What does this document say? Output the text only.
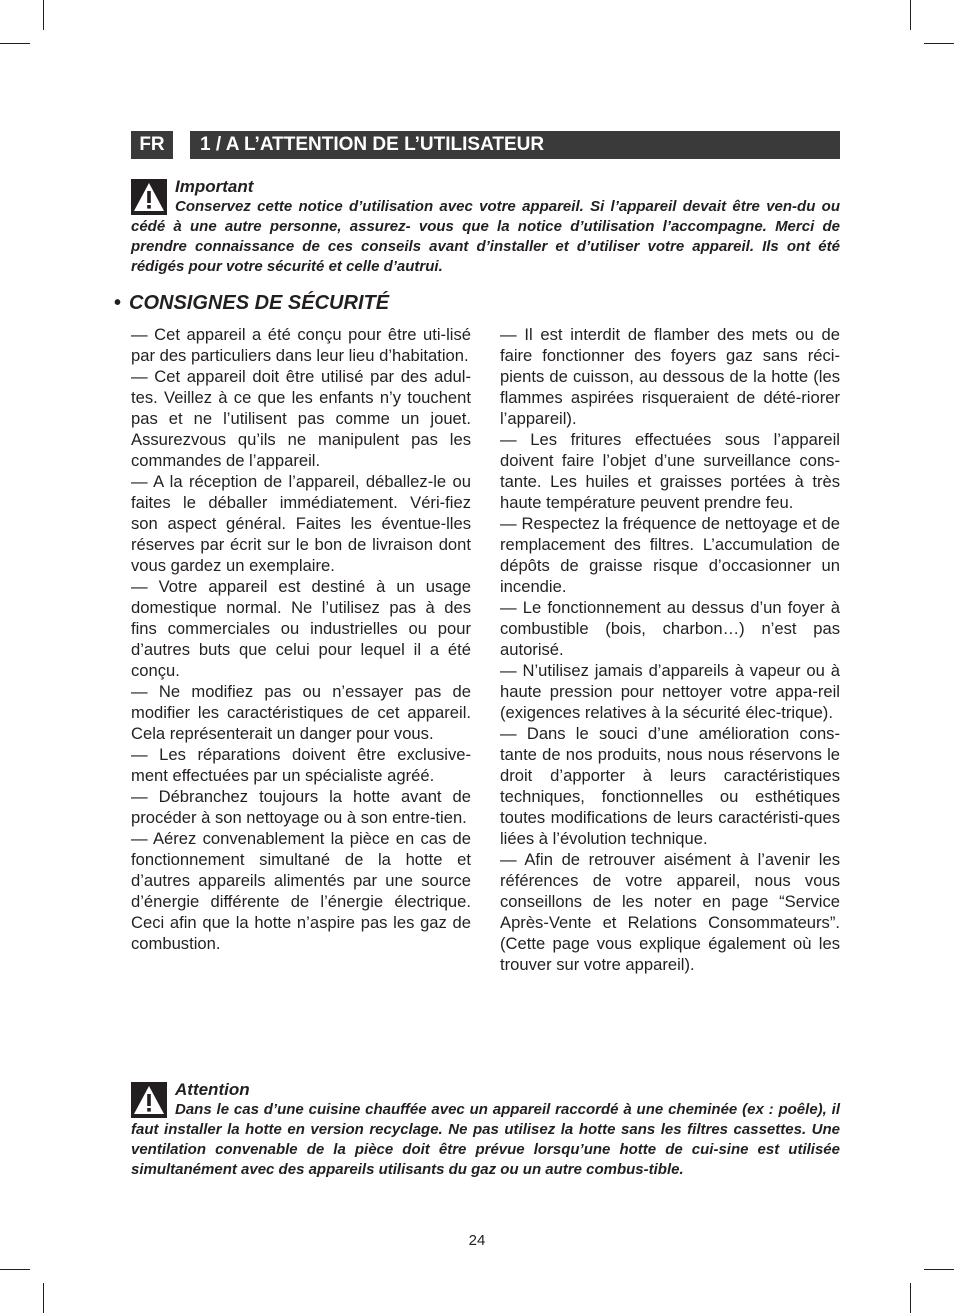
FR	1 / A L’ATTENTION DE L’UTILISATEUR
Important
Conservez cette notice d’utilisation avec votre appareil. Si l’appareil devait être ven-du ou cédé à une autre personne, assurez- vous que la notice d’utilisation l’accompagne. Merci de prendre connaissance de ces conseils avant d’installer et d’utiliser votre appareil. Ils ont été rédigés pour votre sécurité et celle d’autrui.
• CONSIGNES DE SÉCURITÉ

— Cet appareil a été conçu pour être uti-lisé par des particuliers dans leur lieu d’habitation.

— Cet appareil doit être utilisé par des adul-tes. Veillez à ce que les enfants n’y touchent pas et ne l’utilisent pas comme un jouet. Assurezvous qu’ils ne manipulent pas les commandes de l’appareil.

— A la réception de l’appareil, déballez-le ou faites le déballer immédiatement. Véri-fiez son aspect général. Faites les éventue-lles réserves par écrit sur le bon de livraison dont vous gardez un exemplaire.

— Votre appareil est destiné à un usage domestique normal. Ne l’utilisez pas à des fins commerciales ou industrielles ou pour d’autres buts que celui pour lequel il a été conçu.

— Ne modifiez pas ou n’essayer pas de modifier les caractéristiques de cet appareil. Cela représenterait un danger pour vous.

— Les réparations doivent être exclusive-ment effectuées par un spécialiste agréé.

— Débranchez toujours la hotte avant de procéder à son nettoyage ou à son entre-tien.

— Aérez convenablement la pièce en cas de fonctionnement simultané de la hotte et d’autres appareils alimentés par une source d’énergie différente de l’énergie électrique. Ceci afin que la hotte n’aspire pas les gaz de combustion.

— Il est interdit de flamber des mets ou de faire fonctionner des foyers gaz sans réci-pients de cuisson, au dessous de la hotte (les flammes aspirées risqueraient de dété-riorer l’appareil).

— Les fritures effectuées sous l’appareil doivent faire l’objet d’une surveillance cons-tante. Les huiles et graisses portées à très haute température peuvent prendre feu.

— Respectez la fréquence de nettoyage et de remplacement des filtres. L’accumulation de dépôts de graisse risque d’occasionner un incendie.

— Le fonctionnement au dessus d’un foyer à combustible (bois, charbon…) n’est pas autorisé.

— N’utilisez jamais d’appareils à vapeur ou à haute pression pour nettoyer votre appa-reil (exigences relatives à la sécurité élec-trique).

— Dans le souci d’une amélioration cons-tante de nos produits, nous nous réservons le droit d’apporter à leurs caractéristiques techniques, fonctionnelles ou esthétiques toutes modifications de leurs caractéristi-ques liées à l’évolution technique.

— Afin de retrouver aisément à l’avenir les références de votre appareil, nous vous conseillons de les noter en page “Service Après-Vente et Relations Consommateurs”. (Cette page vous explique également où les trouver sur votre appareil).

Attention
Dans le cas d’une cuisine chauffée avec un appareil raccordé à une cheminée (ex : poêle), il faut installer la hotte en version recyclage. Ne pas utilisez la hotte sans les filtres cassettes. Une ventilation convenable de la pièce doit être prévue lorsqu’une hotte de cui-sine est utilisée simultanément avec des appareils utilisants du gaz ou un autre combus-tible.
24
